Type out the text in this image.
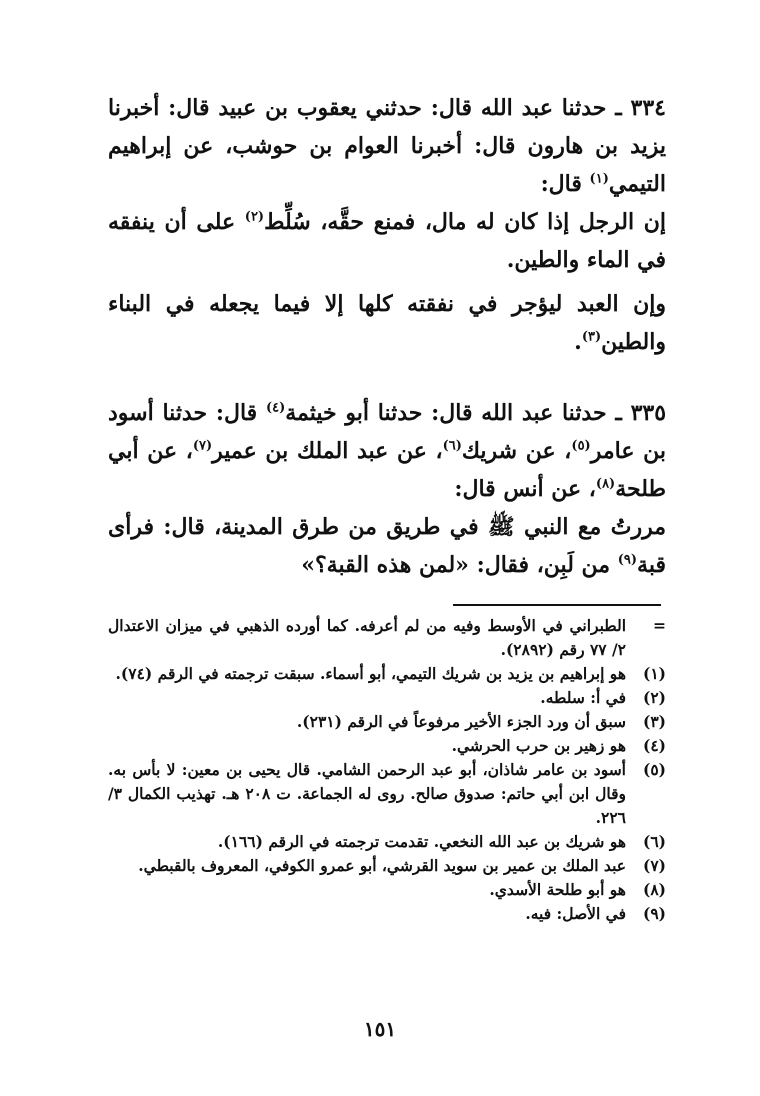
٣٣٤ ـ حدثنا عبد الله قال: حدثني يعقوب بن عبيد قال: أخبرنا يزيد بن هارون قال: أخبرنا العوام بن حوشب، عن إبراهيم التيمي$^{(١)}$ قال:
إن الرجل إذا كان له مال، فمنع حقَّه، سُلِّط$^{(٢)}$ على أن ينفقه في الماء والطين.
وإن العبد ليؤجر في نفقته كلها إلا فيما يجعله في البناء والطين$^{(٣)}$.
٣٣٥ ـ حدثنا عبد الله قال: حدثنا أبو خيثمة$^{(٤)}$ قال: حدثنا أسود بن عامر$^{(٥)}$، عن شريك$^{(٦)}$، عن عبد الملك بن عمير$^{(٧)}$، عن أبي طلحة$^{(٨)}$، عن أنس قال:
مررتُ مع النبي ﷺ في طريق من طرق المدينة، قال: فرأى قبة$^{(٩)}$ من لَبِن، فقال: «لمن هذه القبة؟»
=
الطبراني في الأوسط وفيه من لم أعرفه. كما أورده الذهبي في ميزان الاعتدال ٢/ ٧٧ رقم (٢٨٩٢).
(١)
هو إبراهيم بن يزيد بن شريك التيمي، أبو أسماء. سبقت ترجمته في الرقم (٧٤).
(٢)
في أ: سلطه.
(٣)
سبق أن ورد الجزء الأخير مرفوعاً في الرقم (٢٣١).
(٤)
هو زهير بن حرب الحرشي.
(٥)
أسود بن عامر شاذان، أبو عبد الرحمن الشامي. قال يحيى بن معين: لا بأس به. وقال ابن أبي حاتم: صدوق صالح. روى له الجماعة. ت ٢٠٨ هـ. تهذيب الكمال ٣/ ٢٢٦.
(٦)
هو شريك بن عبد الله النخعي. تقدمت ترجمته في الرقم (١٦٦).
(٧)
عبد الملك بن عمير بن سويد القرشي، أبو عمرو الكوفي، المعروف بالقبطي.
(٨)
هو أبو طلحة الأسدي.
(٩)
في الأصل: فيه.
١٥١
